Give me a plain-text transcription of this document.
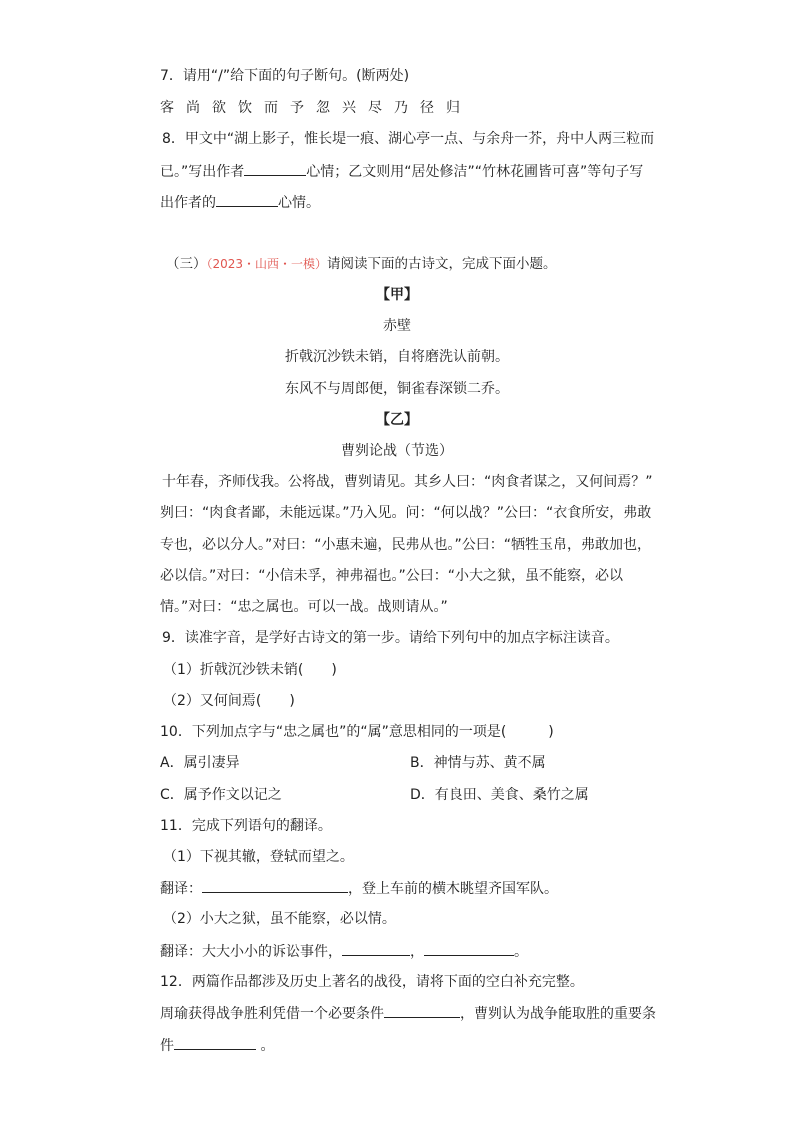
7．请用“/”给下面的句子断句。(断两处)
客 尚 欲 饮 而 予 忽 兴 尽 乃 径 归
8．甲文中“湖上影子，惟长堤一痕、湖心亭一点、与余舟一芥，舟中人两三粒而
已。”写出作者	心情；乙文则用“居处修洁”“竹林花圃皆可喜”等句子写
出作者的	心情。
（三）（2023・山西・一模）请阅读下面的古诗文，完成下面小题。
【甲】
赤壁
折戟沉沙铁未销，自将磨洗认前朝。
东风不与周郎便，铜雀春深锁二乔。
【乙】
曹刿论战（节选）
十年春，齐师伐我。公将战，曹刿请见。其乡人曰：“肉食者谋之，又何间焉？”
刿曰：“肉食者鄙，未能远谋。”乃入见。问：“何以战？”公曰：“衣食所安，弗敢
专也，必以分人。”对曰：“小惠未遍，民弗从也。”公曰：“牺牲玉帛，弗敢加也，
必以信。”对曰：“小信未孚，神弗福也。”公曰：“小大之狱，虽不能察，必以
情。”对曰：“忠之属也。可以一战。战则请从。”
9．读准字音，是学好古诗文的第一步。请给下列句中的加点字标注读音。
（1）折戟沉沙铁未销(　　)
（2）又何间焉(　　)
10．下列加点字与“忠之属也”的“属”意思相同的一项是(　　　)
A．属引凄异	B．神情与苏、黄不属
C．属予作文以记之	D．有良田、美食、桑竹之属
11．完成下列语句的翻译。
（1）下视其辙，登轼而望之。
翻译：	，登上车前的横木眺望齐国军队。
（2）小大之狱，虽不能察，必以情。
翻译：大大小小的诉讼事件，	，	。
12．两篇作品都涉及历史上著名的战役，请将下面的空白补充完整。
周瑜获得战争胜利凭借一个必要条件	，曹刿认为战争能取胜的重要条
件	。
